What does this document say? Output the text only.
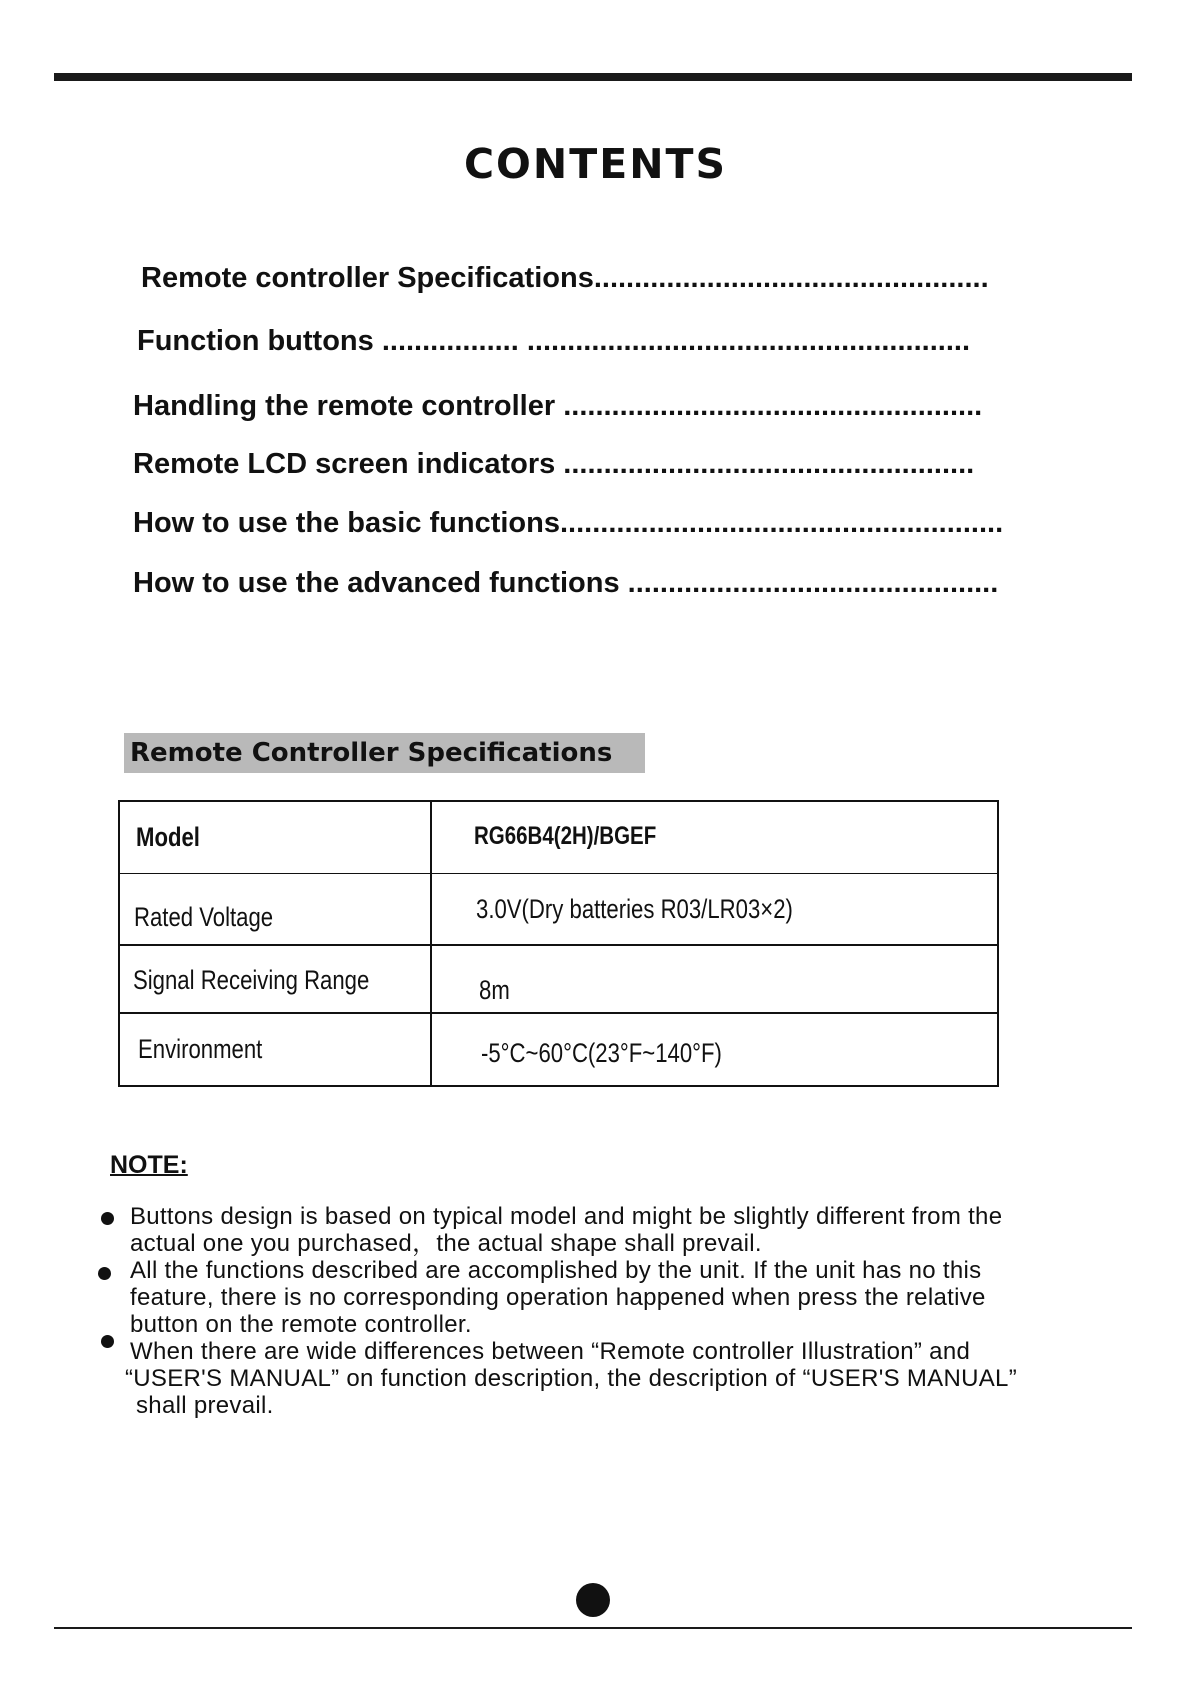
CONTENTS
Remote controller Specifications.................................................
Function buttons ................. .......................................................
Handling the remote controller ....................................................
Remote LCD screen indicators ...................................................
How to use the basic functions.......................................................
How to use the advanced functions ..............................................
Remote Controller Specifications
Model	RG66B4(2H)/BGEF
Rated Voltage	3.0V(Dry batteries R03/LR03×2)
Signal Receiving Range	8m
Environment	-5°C~60°C(23°F~140°F)
NOTE:
Buttons design is based on typical model and might be slightly different from the
actual one you purchased，the actual shape shall prevail.
All the functions described are accomplished by the unit. If the unit has no this
feature, there is no corresponding operation happened when press the relative
button on the remote controller.
When there are wide differences between “Remote controller Illustration” and
“USER'S MANUAL” on function description, the description of “USER'S MANUAL”
shall prevail.
